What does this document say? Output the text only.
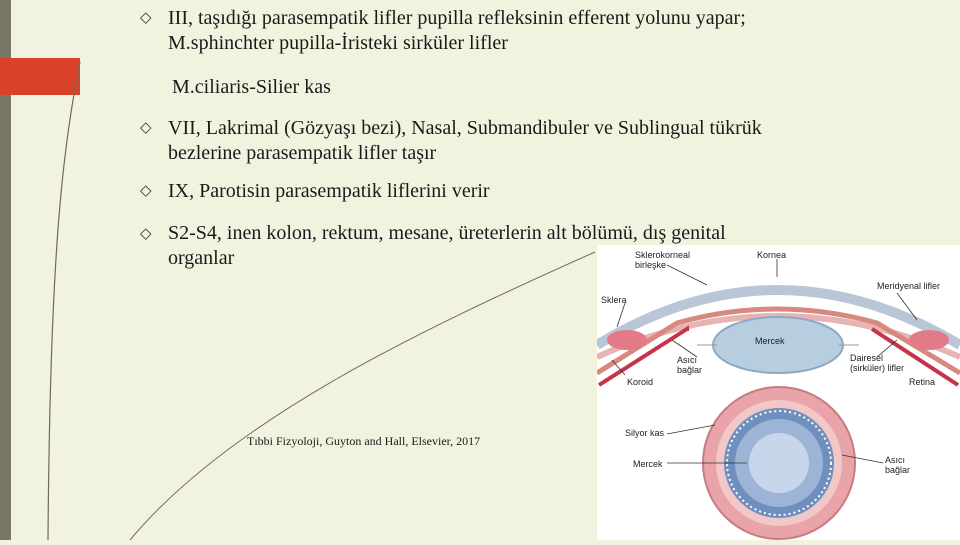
◇ III, taşıdığı parasempatik lifler pupilla refleksinin efferent yolunu yapar;
M.sphinchter pupilla-İristeki sirküler lifler
M.ciliaris-Silier kas
◇ VII, Lakrimal (Gözyaşı bezi), Nasal, Submandibuler ve Sublingual tükrük
bezlerine parasempatik lifler taşır
◇ IX, Parotisin parasempatik liflerini verir
◇ S2-S4, inen kolon, rektum, mesane, üreterlerin alt bölümü, dış genital
organlar
Tıbbi Fizyoloji, Guyton and Hall, Elsevier, 2017
Sklerokorneal birleşke
Kornea
Meridyenal lifler
Sklera
Mercek
Asıcı bağlar
Dairesel (sirküler) lifler
Koroid	Retina
Silyor kas
Mercek	Asıcı bağlar
